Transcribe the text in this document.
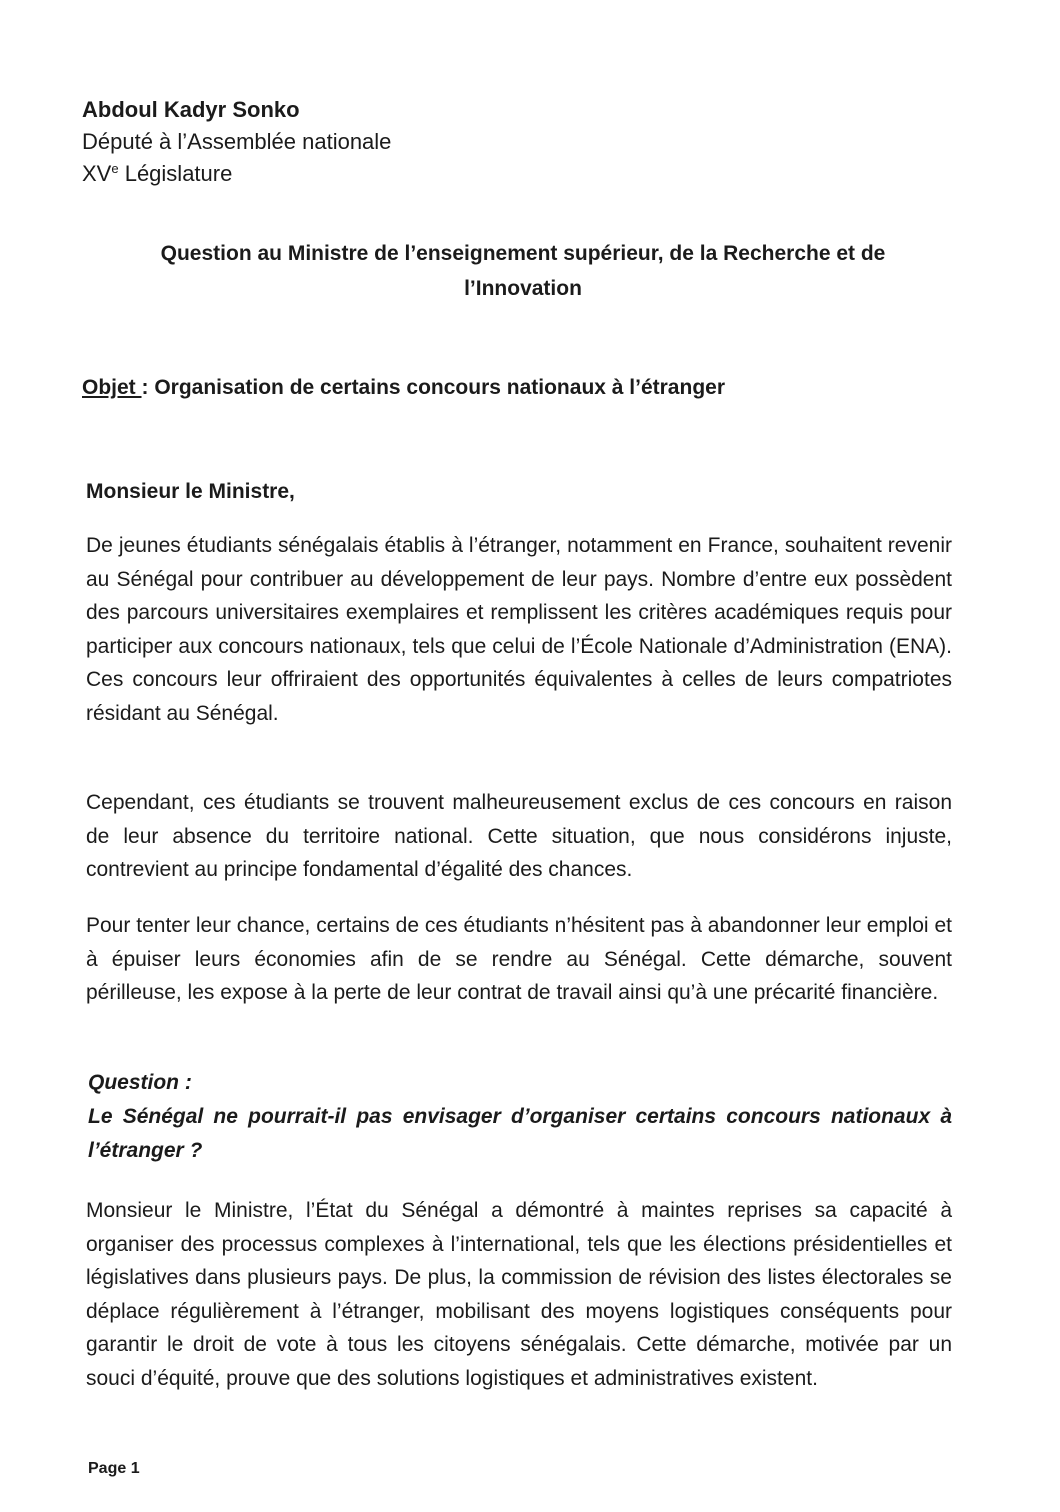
Abdoul Kadyr Sonko
Député à l’Assemblée nationale
XVe Législature
Question au Ministre de l’enseignement supérieur, de la Recherche et de
l’Innovation
Objet : Organisation de certains concours nationaux à l’étranger
Monsieur le Ministre,
De jeunes étudiants sénégalais établis à l’étranger, notamment en France, souhaitent revenir au Sénégal pour contribuer au développement de leur pays. Nombre d’entre eux possèdent des parcours universitaires exemplaires et remplissent les critères académiques requis pour participer aux concours nationaux, tels que celui de l’École Nationale d’Administration (ENA). Ces concours leur offriraient des opportunités équivalentes à celles de leurs compatriotes résidant au Sénégal.
Cependant, ces étudiants se trouvent malheureusement exclus de ces concours en raison de leur absence du territoire national. Cette situation, que nous considérons injuste, contrevient au principe fondamental d’égalité des chances.
Pour tenter leur chance, certains de ces étudiants n’hésitent pas à abandonner leur emploi et à épuiser leurs économies afin de se rendre au Sénégal. Cette démarche, souvent périlleuse, les expose à la perte de leur contrat de travail ainsi qu’à une précarité financière.
Question :
Le Sénégal ne pourrait-il pas envisager d’organiser certains concours nationaux à l’étranger ?
Monsieur le Ministre, l’État du Sénégal a démontré à maintes reprises sa capacité à organiser des processus complexes à l’international, tels que les élections présidentielles et législatives dans plusieurs pays. De plus, la commission de révision des listes électorales se déplace régulièrement à l’étranger, mobilisant des moyens logistiques conséquents pour garantir le droit de vote à tous les citoyens sénégalais. Cette démarche, motivée par un souci d’équité, prouve que des solutions logistiques et administratives existent.
Page 1
